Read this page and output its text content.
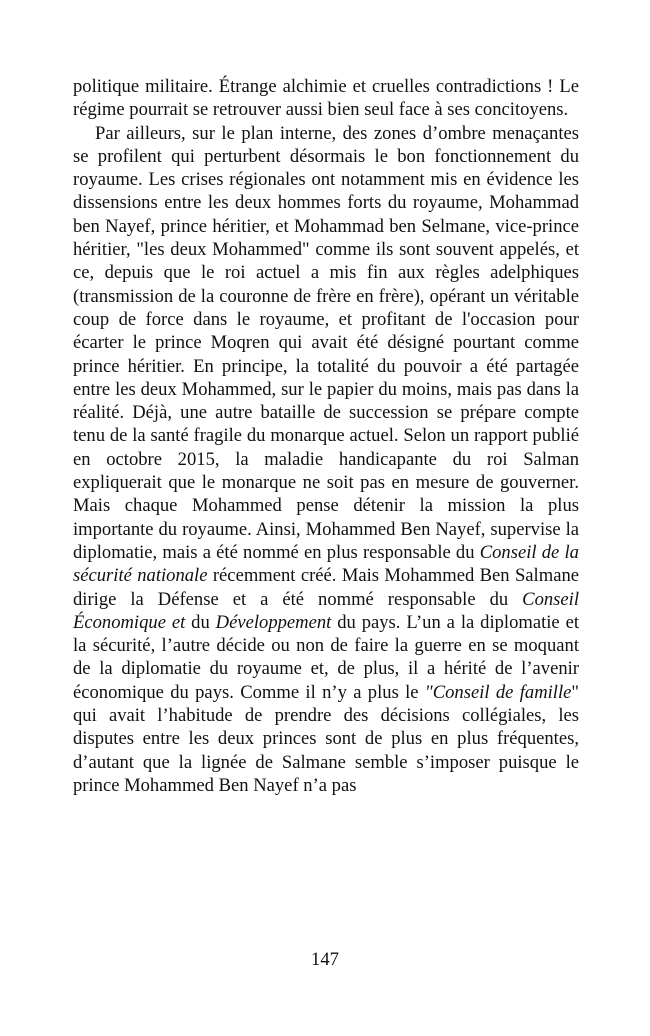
politique militaire. Étrange alchimie et cruelles contradictions ! Le régime pourrait se retrouver aussi bien seul face à ses concitoyens.

Par ailleurs, sur le plan interne, des zones d’ombre menaçantes se profilent qui perturbent désormais le bon fonctionnement du royaume. Les crises régionales ont notamment mis en évidence les dissensions entre les deux hommes forts du royaume, Mohammad ben Nayef, prince héritier, et Mohammad ben Selmane, vice-prince héritier, "les deux Mohammed" comme ils sont souvent appelés, et ce, depuis que le roi actuel a mis fin aux règles adelphiques (transmission de la couronne de frère en frère), opérant un véritable coup de force dans le royaume, et profitant de l'occasion pour écarter le prince Moqren qui avait été désigné pourtant comme prince héritier. En principe, la totalité du pouvoir a été partagée entre les deux Mohammed, sur le papier du moins, mais pas dans la réalité. Déjà, une autre bataille de succession se prépare compte tenu de la santé fragile du monarque actuel. Selon un rapport publié en octobre 2015, la maladie handicapante du roi Salman expliquerait que le monarque ne soit pas en mesure de gouverner. Mais chaque Mohammed pense détenir la mission la plus importante du royaume. Ainsi, Mohammed Ben Nayef, supervise la diplomatie, mais a été nommé en plus responsable du Conseil de la sécurité nationale récemment créé. Mais Mohammed Ben Salmane dirige la Défense et a été nommé responsable du Conseil Économique et du Développement du pays. L’un a la diplomatie et la sécurité, l’autre décide ou non de faire la guerre en se moquant de la diplomatie du royaume et, de plus, il a hérité de l’avenir économique du pays. Comme il n’y a plus le "Conseil de famille" qui avait l’habitude de prendre des décisions collégiales, les disputes entre les deux princes sont de plus en plus fréquentes, d’autant que la lignée de Salmane semble s’imposer puisque le prince Mohammed Ben Nayef n’a pas

147
